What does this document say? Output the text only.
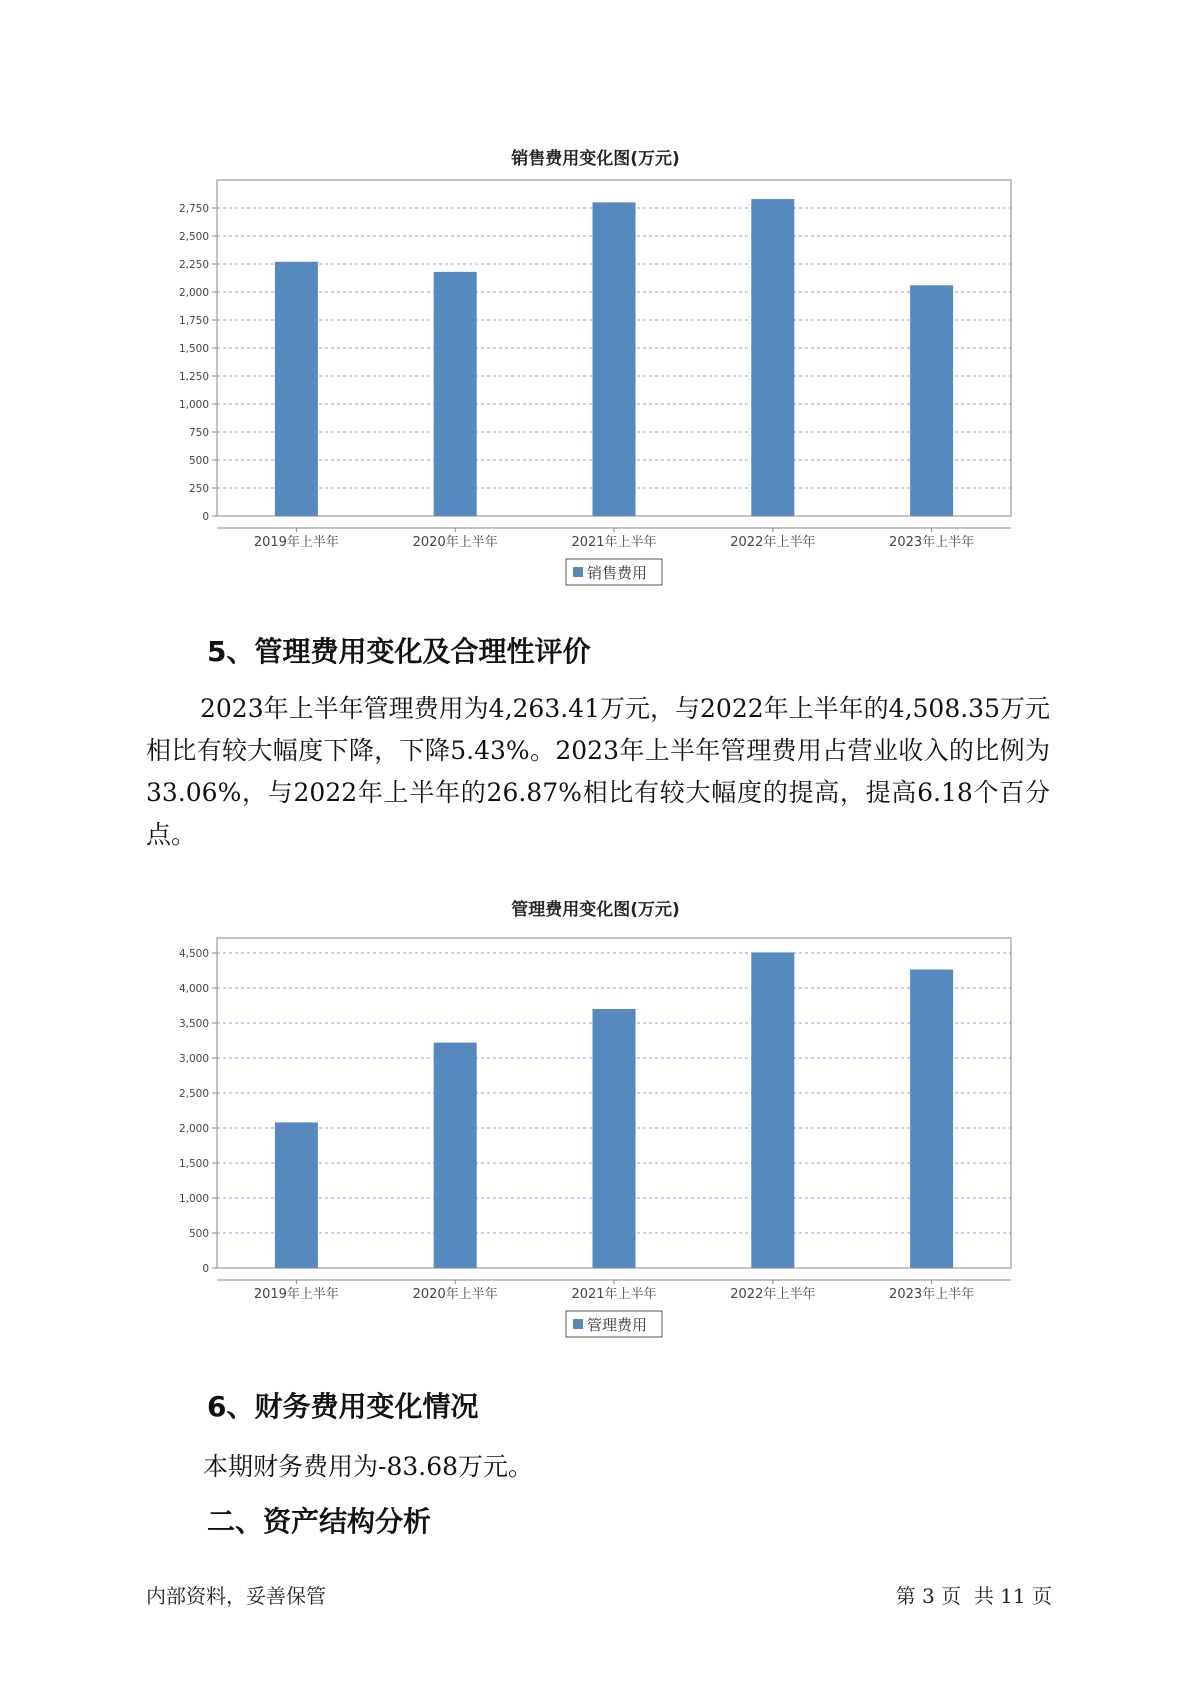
销售费用变化图(万元)
0
250
500
750
1,000
1,250
1,500
1,750
2,000
2,250
2,500
2,750
2019年上半年	2020年上半年	2021年上半年	2022年上半年	2023年上半年
销售费用
5、管理费用变化及合理性评价

2023年上半年管理费用为4,263.41万元，与2022年上半年的4,508.35万元相比有较大幅度下降，下降5.43%。2023年上半年管理费用占营业收入的比例为33.06%，与2022年上半年的26.87%相比有较大幅度的提高，提高6.18个百分点。

管理费用变化图(万元)
0
500
1,000
1,500
2,000
2,500
3,000
3,500
4,000
4,500
2019年上半年	2020年上半年	2021年上半年	2022年上半年	2023年上半年
管理费用
6、财务费用变化情况
本期财务费用为-83.68万元。
二、资产结构分析
内部资料，妥善保管	第 3 页  共 11 页
